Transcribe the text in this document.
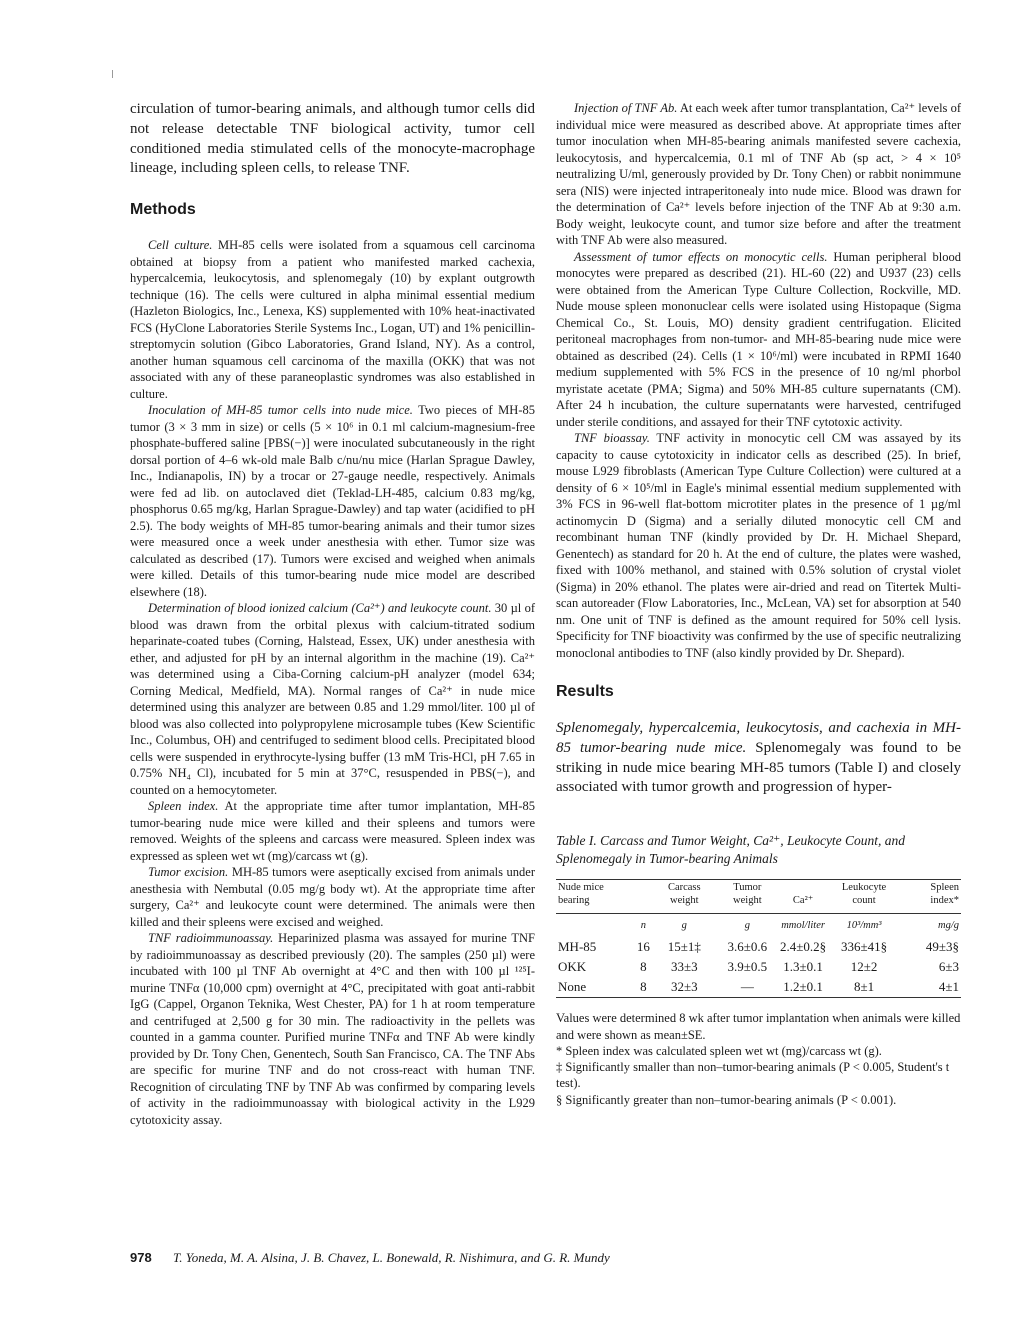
circulation of tumor-bearing animals, and although tumor cells did not release detectable TNF biological activity, tumor cell conditioned media stimulated cells of the monocyte-macrophage lineage, including spleen cells, to release TNF.

Methods

Cell culture. MH-85 cells were isolated from a squamous cell carcinoma obtained at biopsy from a patient who manifested marked cachexia, hypercalcemia, leukocytosis, and splenomegaly (10) by explant outgrowth technique (16). The cells were cultured in alpha minimal essential medium (Hazleton Biologics, Inc., Lenexa, KS) supplemented with 10% heat-inactivated FCS (HyClone Laboratories Sterile Systems Inc., Logan, UT) and 1% penicillin-streptomycin solution (Gibco Laboratories, Grand Island, NY). As a control, another human squamous cell carcinoma of the maxilla (OKK) that was not associated with any of these paraneoplastic syndromes was also established in culture.

Inoculation of MH-85 tumor cells into nude mice. Two pieces of MH-85 tumor (3 × 3 mm in size) or cells (5 × 10⁶ in 0.1 ml calcium-magnesium-free phosphate-buffered saline [PBS(−)] were inoculated subcutaneously in the right dorsal portion of 4–6 wk-old male Balb c/nu/nu mice (Harlan Sprague Dawley, Inc., Indianapolis, IN) by a trocar or 27-gauge needle, respectively. Animals were fed ad lib. on autoclaved diet (Teklad-LH-485, calcium 0.83 mg/kg, phosphorus 0.65 mg/kg, Harlan Sprague-Dawley) and tap water (acidified to pH 2.5). The body weights of MH-85 tumor-bearing animals and their tumor sizes were measured once a week under anesthesia with ether. Tumor size was calculated as described (17). Tumors were excised and weighed when animals were killed. Details of this tumor-bearing nude mice model are described elsewhere (18).

Determination of blood ionized calcium (Ca²⁺) and leukocyte count. 30 µl of blood was drawn from the orbital plexus with calcium-titrated sodium heparinate-coated tubes (Corning, Halstead, Essex, UK) under anesthesia with ether, and adjusted for pH by an internal algorithm in the machine (19). Ca²⁺ was determined using a Ciba-Corning calcium-pH analyzer (model 634; Corning Medical, Medfield, MA). Normal ranges of Ca²⁺ in nude mice determined using this analyzer are between 0.85 and 1.29 mmol/liter. 100 µl of blood was also collected into polypropylene microsample tubes (Kew Scientific Inc., Columbus, OH) and centrifuged to sediment blood cells. Precipitated blood cells were suspended in erythrocyte-lysing buffer (13 mM Tris-HCl, pH 7.65 in 0.75% NH₄ Cl), incubated for 5 min at 37°C, resuspended in PBS(−), and counted on a hemocytometer.

Spleen index. At the appropriate time after tumor implantation, MH-85 tumor-bearing nude mice were killed and their spleens and tumors were removed. Weights of the spleens and carcass were measured. Spleen index was expressed as spleen wet wt (mg)/carcass wt (g).

Tumor excision. MH-85 tumors were aseptically excised from animals under anesthesia with Nembutal (0.05 mg/g body wt). At the appropriate time after surgery, Ca²⁺ and leukocyte count were determined. The animals were then killed and their spleens were excised and weighed.

TNF radioimmunoassay. Heparinized plasma was assayed for murine TNF by radioimmunoassay as described previously (20). The samples (250 µl) were incubated with 100 µl TNF Ab overnight at 4°C and then with 100 µl ¹²⁵I-murine TNFα (10,000 cpm) overnight at 4°C, precipitated with goat anti-rabbit IgG (Cappel, Organon Teknika, West Chester, PA) for 1 h at room temperature and centrifuged at 2,500 g for 30 min. The radioactivity in the pellets was counted in a gamma counter. Purified murine TNFα and TNF Ab were kindly provided by Dr. Tony Chen, Genentech, South San Francisco, CA. The TNF Abs are specific for murine TNF and do not cross-react with human TNF. Recognition of circulating TNF by TNF Ab was confirmed by comparing levels of activity in the radioimmunoassay with biological activity in the L929 cytotoxicity assay.

Injection of TNF Ab. At each week after tumor transplantation, Ca²⁺ levels of individual mice were measured as described above. At appropriate times after tumor inoculation when MH-85-bearing animals manifested severe cachexia, leukocytosis, and hypercalcemia, 0.1 ml of TNF Ab (sp act, > 4 × 10⁵ neutralizing U/ml, generously provided by Dr. Tony Chen) or rabbit nonimmune sera (NIS) were injected intraperitonealy into nude mice. Blood was drawn for the determination of Ca²⁺ levels before injection of the TNF Ab at 9:30 a.m. Body weight, leukocyte count, and tumor size before and after the treatment with TNF Ab were also measured.

Assessment of tumor effects on monocytic cells. Human peripheral blood monocytes were prepared as described (21). HL-60 (22) and U937 (23) cells were obtained from the American Type Culture Collection, Rockville, MD. Nude mouse spleen mononuclear cells were isolated using Histopaque (Sigma Chemical Co., St. Louis, MO) density gradient centrifugation. Elicited peritoneal macrophages from non-tumor- and MH-85-bearing nude mice were obtained as described (24). Cells (1 × 10⁶/ml) were incubated in RPMI 1640 medium supplemented with 5% FCS in the presence of 10 ng/ml phorbol myristate acetate (PMA; Sigma) and 50% MH-85 culture supernatants (CM). After 24 h incubation, the culture supernatants were harvested, centrifuged under sterile conditions, and assayed for their TNF cytotoxic activity.

TNF bioassay. TNF activity in monocytic cell CM was assayed by its capacity to cause cytotoxicity in indicator cells as described (25). In brief, mouse L929 fibroblasts (American Type Culture Collection) were cultured at a density of 6 × 10⁵/ml in Eagle's minimal essential medium supplemented with 3% FCS in 96-well flat-bottom microtiter plates in the presence of 1 µg/ml actinomycin D (Sigma) and a serially diluted monocytic cell CM and recombinant human TNF (kindly provided by Dr. H. Michael Shepard, Genentech) as standard for 20 h. At the end of culture, the plates were washed, fixed with 100% methanol, and stained with 0.5% solution of crystal violet (Sigma) in 20% ethanol. The plates were air-dried and read on Titertek Multi-scan autoreader (Flow Laboratories, Inc., McLean, VA) set for absorption at 540 nm. One unit of TNF is defined as the amount required for 50% cell lysis. Specificity for TNF bioactivity was confirmed by the use of specific neutralizing monoclonal antibodies to TNF (also kindly provided by Dr. Shepard).

Results

Splenomegaly, hypercalcemia, leukocytosis, and cachexia in MH-85 tumor-bearing nude mice. Splenomegaly was found to be striking in nude mice bearing MH-85 tumors (Table I) and closely associated with tumor growth and progression of hyper-

Table I. Carcass and Tumor Weight, Ca²⁺, Leukocyte Count, and Splenomegaly in Tumor-bearing Animals

Nude mice bearing		Carcass weight	Tumor weight	Ca²⁺	Leukocyte count	Spleen index*
	n	g	g	mmol/liter	10³/mm³	mg/g
MH-85	16	15±1‡	3.6±0.6	2.4±0.2§	336±41§	49±3§
OKK	8	33±3	3.9±0.5	1.3±0.1	12±2	6±3
None	8	32±3	—	1.2±0.1	8±1	4±1

Values were determined 8 wk after tumor implantation when animals were killed and were shown as mean±SE.

* Spleen index was calculated spleen wet wt (mg)/carcass wt (g).

‡ Significantly smaller than non–tumor-bearing animals (P < 0.005, Student's t test).

§ Significantly greater than non–tumor-bearing animals (P < 0.001).

978 T. Yoneda, M. A. Alsina, J. B. Chavez, L. Bonewald, R. Nishimura, and G. R. Mundy
